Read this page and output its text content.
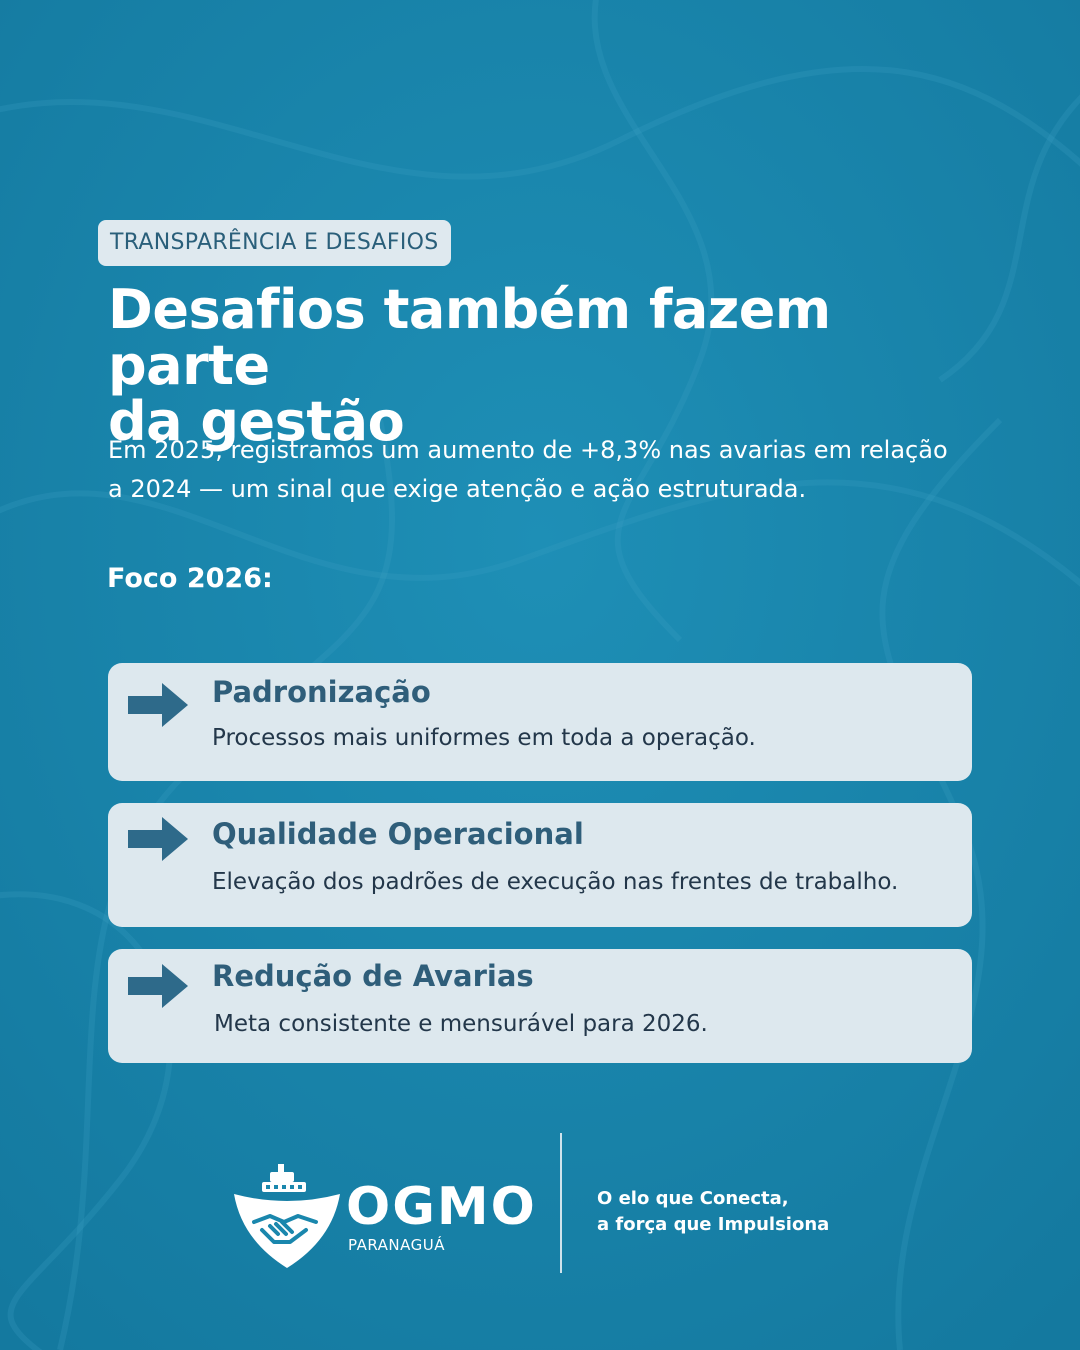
TRANSPARÊNCIA E DESAFIOS
Desafios também fazem parte
da gestão

Em 2025, registramos um aumento de +8,3% nas avarias em relação
a 2024 — um sinal que exige atenção e ação estruturada.

Foco 2026:

Padronização
Processos mais uniformes em toda a operação.
Qualidade Operacional
Elevação dos padrões de execução nas frentes de trabalho.
Redução de Avarias
Meta consistente e mensurável para 2026.
OGMO
PARANAGUÁ
O elo que Conecta,
a força que Impulsiona
